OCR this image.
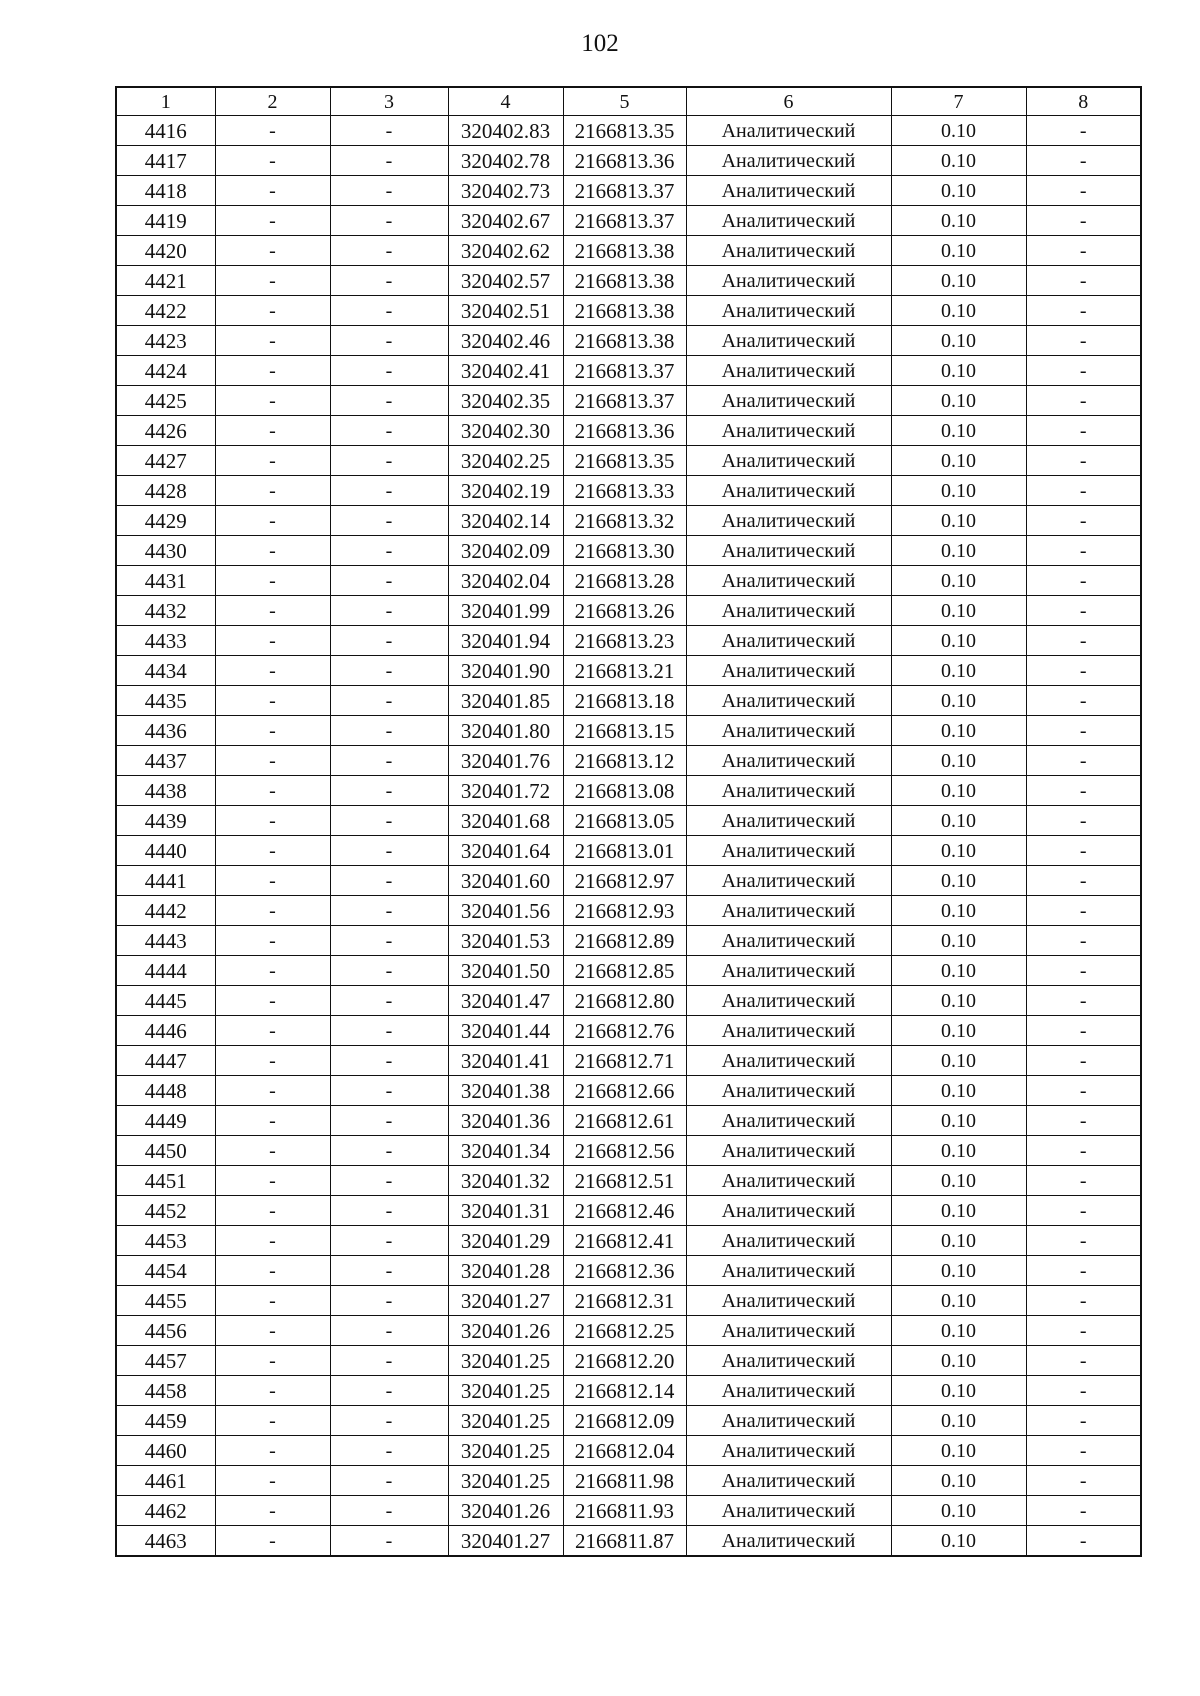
102
1	2	3	4	5	6	7	8
4416	-	-	320402.83	2166813.35	Аналитический	0.10	-
4417	-	-	320402.78	2166813.36	Аналитический	0.10	-
4418	-	-	320402.73	2166813.37	Аналитический	0.10	-
4419	-	-	320402.67	2166813.37	Аналитический	0.10	-
4420	-	-	320402.62	2166813.38	Аналитический	0.10	-
4421	-	-	320402.57	2166813.38	Аналитический	0.10	-
4422	-	-	320402.51	2166813.38	Аналитический	0.10	-
4423	-	-	320402.46	2166813.38	Аналитический	0.10	-
4424	-	-	320402.41	2166813.37	Аналитический	0.10	-
4425	-	-	320402.35	2166813.37	Аналитический	0.10	-
4426	-	-	320402.30	2166813.36	Аналитический	0.10	-
4427	-	-	320402.25	2166813.35	Аналитический	0.10	-
4428	-	-	320402.19	2166813.33	Аналитический	0.10	-
4429	-	-	320402.14	2166813.32	Аналитический	0.10	-
4430	-	-	320402.09	2166813.30	Аналитический	0.10	-
4431	-	-	320402.04	2166813.28	Аналитический	0.10	-
4432	-	-	320401.99	2166813.26	Аналитический	0.10	-
4433	-	-	320401.94	2166813.23	Аналитический	0.10	-
4434	-	-	320401.90	2166813.21	Аналитический	0.10	-
4435	-	-	320401.85	2166813.18	Аналитический	0.10	-
4436	-	-	320401.80	2166813.15	Аналитический	0.10	-
4437	-	-	320401.76	2166813.12	Аналитический	0.10	-
4438	-	-	320401.72	2166813.08	Аналитический	0.10	-
4439	-	-	320401.68	2166813.05	Аналитический	0.10	-
4440	-	-	320401.64	2166813.01	Аналитический	0.10	-
4441	-	-	320401.60	2166812.97	Аналитический	0.10	-
4442	-	-	320401.56	2166812.93	Аналитический	0.10	-
4443	-	-	320401.53	2166812.89	Аналитический	0.10	-
4444	-	-	320401.50	2166812.85	Аналитический	0.10	-
4445	-	-	320401.47	2166812.80	Аналитический	0.10	-
4446	-	-	320401.44	2166812.76	Аналитический	0.10	-
4447	-	-	320401.41	2166812.71	Аналитический	0.10	-
4448	-	-	320401.38	2166812.66	Аналитический	0.10	-
4449	-	-	320401.36	2166812.61	Аналитический	0.10	-
4450	-	-	320401.34	2166812.56	Аналитический	0.10	-
4451	-	-	320401.32	2166812.51	Аналитический	0.10	-
4452	-	-	320401.31	2166812.46	Аналитический	0.10	-
4453	-	-	320401.29	2166812.41	Аналитический	0.10	-
4454	-	-	320401.28	2166812.36	Аналитический	0.10	-
4455	-	-	320401.27	2166812.31	Аналитический	0.10	-
4456	-	-	320401.26	2166812.25	Аналитический	0.10	-
4457	-	-	320401.25	2166812.20	Аналитический	0.10	-
4458	-	-	320401.25	2166812.14	Аналитический	0.10	-
4459	-	-	320401.25	2166812.09	Аналитический	0.10	-
4460	-	-	320401.25	2166812.04	Аналитический	0.10	-
4461	-	-	320401.25	2166811.98	Аналитический	0.10	-
4462	-	-	320401.26	2166811.93	Аналитический	0.10	-
4463	-	-	320401.27	2166811.87	Аналитический	0.10	-
